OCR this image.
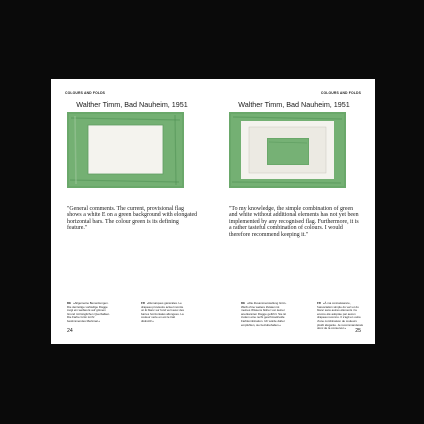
COLOURS AND FOLDS
Walther Timm, Bad Nauheim, 1951
"General comments. The current, provisional flag shows a white E on a green background with elongated horizontal bars. The colour green is its defining feature."
DE »Allgemeine Bemerkungen. Die derzeitige vorläufige Flagge zeigt ein weißes E auf grünem Grund mit länglichen Querbalken. Die Farbe Grün ist ihr bestimmendes Merkmal.«
FR «Remarques générales. Le drapeau provisoire actuel montre un E blanc sur fond vert avec des barres horizontales allongées. La couleur verte en est le trait distinctif.»
24
COLOURS AND FOLDS
Walther Timm, Bad Nauheim, 1951
"To my knowledge, the simple combination of green and white without additional elements has not yet been implemented by any recognised flag. Furthermore, it is a rather tasteful combination of colours. I would therefore recommend keeping it."
DE »Die Zusammenstellung Grün-Weiß ohne weitere Zutaten ist meines Wissens bisher von keiner anerkannten Flagge geführt. Sie ist zudem eine recht geschmackvolle Farbkombination. Ich würde daher empfehlen, sie beizubehalten.«
FR «À ma connaissance, l'association simple du vert et du blanc sans autres éléments n'a encore été adoptée par aucun drapeau reconnu. Il s'agit en outre d'une combinaison de couleurs plutôt élégante. Je recommanderais donc de la conserver.»	25
